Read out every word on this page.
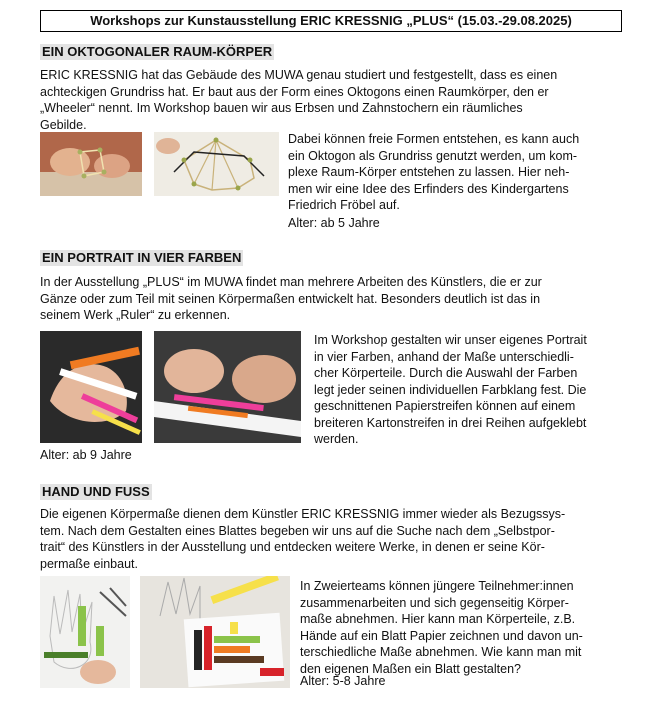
Workshops zur Kunstausstellung ERIC KRESSNIG „PLUS“ (15.03.-29.08.2025)
EIN OKTOGONALER RAUM-KÖRPER
ERIC KRESSNIG hat das Gebäude des MUWA genau studiert und festgestellt, dass es einen
achteckigen Grundriss hat. Er baut aus der Form eines Oktogons einen Raumkörper, den er
„Wheeler“ nennt. Im Workshop bauen wir aus Erbsen und Zahnstochern ein räumliches
Gebilde.
Dabei können freie Formen entstehen, es kann auch
ein Oktogon als Grundriss genutzt werden, um kom-
plexe Raum-Körper entstehen zu lassen. Hier neh-
men wir eine Idee des Erfinders des Kindergartens
Friedrich Fröbel auf.
Alter: ab 5 Jahre
EIN PORTRAIT IN VIER FARBEN
In der Ausstellung „PLUS“ im MUWA findet man mehrere Arbeiten des Künstlers, die er zur
Gänze oder zum Teil mit seinen Körpermaßen entwickelt hat. Besonders deutlich ist das in
seinem Werk „Ruler“ zu erkennen.
Im Workshop gestalten wir unser eigenes Portrait
in vier Farben, anhand der Maße unterschiedli-
cher Körperteile. Durch die Auswahl der Farben
legt jeder seinen individuellen Farbklang fest. Die
geschnittenen Papierstreifen können auf einem
breiteren Kartonstreifen in drei Reihen aufgeklebt
werden.
Alter: ab 9 Jahre
HAND UND FUSS
Die eigenen Körpermaße dienen dem Künstler ERIC KRESSNIG immer wieder als Bezugssys-
tem. Nach dem Gestalten eines Blattes begeben wir uns auf die Suche nach dem „Selbstpor-
trait“ des Künstlers in der Ausstellung und entdecken weitere Werke, in denen er seine Kör-
permaße einbaut.
In Zweierteams können jüngere Teilnehmer:innen
zusammenarbeiten und sich gegenseitig Körper-
maße abnehmen. Hier kann man Körperteile, z.B.
Hände auf ein Blatt Papier zeichnen und davon un-
terschiedliche Maße abnehmen. Wie kann man mit
den eigenen Maßen ein Blatt gestalten?
Alter: 5-8 Jahre
